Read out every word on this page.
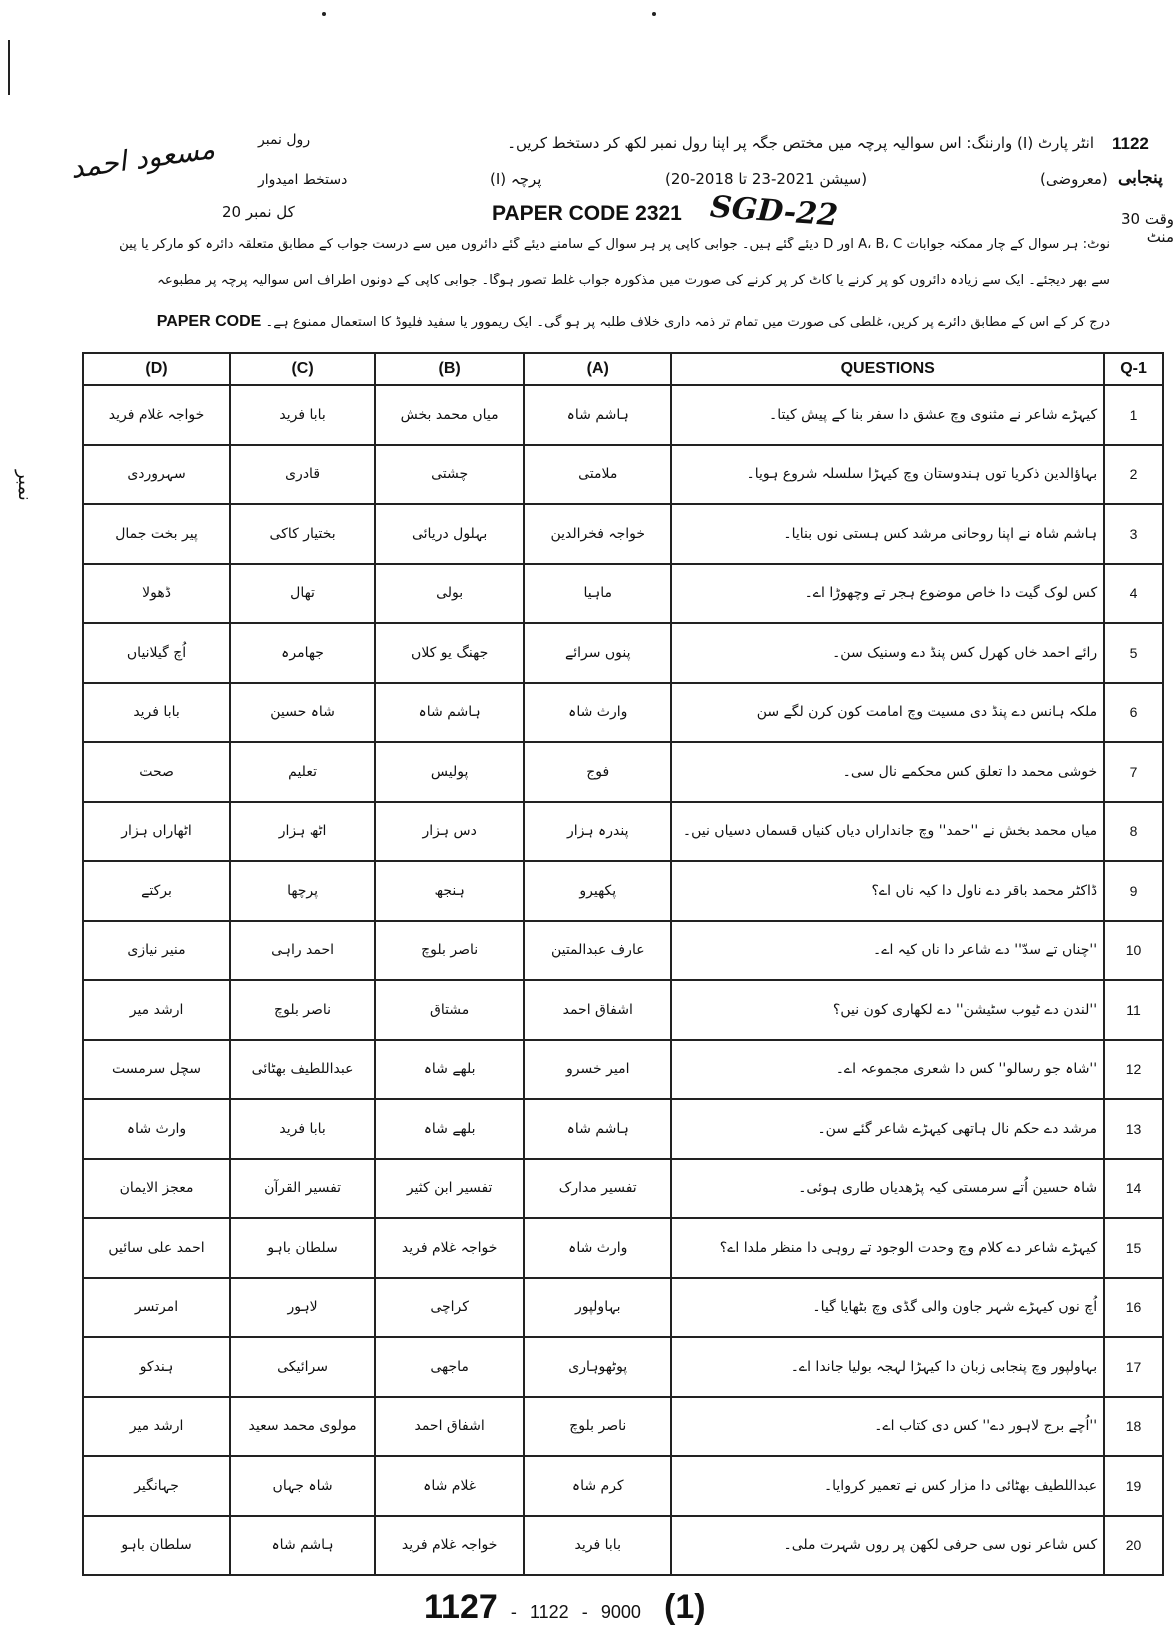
1122
انٹر پارٹ (I) وارننگ: اس سوالیہ پرچہ میں مختص جگہ پر اپنا رول نمبر لکھ کر دستخط کریں۔
رول نمبر
مسعود احمد	پنجابی
(معروضی)
(سیشن 2021-23 تا 2018-20)
پرچہ (I)
دستخط امیدوار
وقت 30 منٹ
PAPER CODE 2321 SGD-22
کل نمبر 20
نوٹ: ہر سوال کے چار ممکنہ جوابات A، B، C اور D دیئے گئے ہیں۔ جوابی کاپی پر ہر سوال کے سامنے دیئے گئے دائروں میں سے درست جواب کے مطابق متعلقہ دائرہ کو مارکر یا پین
سے بھر دیجئے۔ ایک سے زیادہ دائروں کو پر کرنے یا کاٹ کر پر کرنے کی صورت میں مذکورہ جواب غلط تصور ہوگا۔ جوابی کاپی کے دونوں اطراف اس سوالیہ پرچہ پر مطبوعہ
درج کر کے اس کے مطابق دائرے پر کریں، غلطی کی صورت میں تمام تر ذمہ داری خلاف طلبہ پر ہو گی۔ ایک ریموور یا سفید فلیوڈ کا استعمال ممنوع ہے۔ PAPER CODE
(D)	(C)	(B)	(A)	QUESTIONS	Q-1
خواجہ غلام فرید	بابا فرید	میاں محمد بخش	ہاشم شاہ	کیہڑے شاعر نے مثنوی وچ عشق دا سفر بنا کے پیش کیتا۔	1
سہروردی	قادری	چشتی	ملامتی	بہاؤالدین ذکریا توں ہندوستان وچ کیہڑا سلسلہ شروع ہویا۔	2
پیر بخت جمال	بختیار کاکی	بہلول دریائی	خواجہ فخرالدین	ہاشم شاہ نے اپنا روحانی مرشد کس ہستی نوں بنایا۔	3
ڈھولا	تھال	بولی	ماہیا	کس لوک گیت دا خاص موضوع ہجر تے وچھوڑا اے۔	4
اُچ گیلانیاں	جھامرہ	جھنگ یو کلاں	پنوں سرائے	رائے احمد خاں کھرل کس پنڈ دے وسنیک سن۔	5
بابا فرید	شاہ حسین	ہاشم شاہ	وارث شاہ	ملکہ ہانس دے پنڈ دی مسیت وچ امامت کون کرن لگے سن	6
صحت	تعلیم	پولیس	فوج	خوشی محمد دا تعلق کس محکمے نال سی۔	7
اٹھاراں ہزار	اٹھ ہزار	دس ہزار	پندرہ ہزار	میاں محمد بخش نے ''حمد'' وچ جانداراں دیاں کنیاں قسماں دسیاں نیں۔	8
برکتے	پرچھا	ہنجھ	پکھیرو	ڈاکٹر محمد باقر دے ناول دا کیہ ناں اے؟	9
منیر نیازی	احمد راہی	ناصر بلوچ	عارف عبدالمتین	''چناں تے سدّ'' دے شاعر دا ناں کیہ اے۔	10
ارشد میر	ناصر بلوچ	مشتاق	اشفاق احمد	''لندن دے ٹیوب سٹیشن'' دے لکھاری کون نیں؟	11
سچل سرمست	عبداللطیف بھٹائی	بلھے شاہ	امیر خسرو	''شاہ جو رسالو'' کس دا شعری مجموعہ اے۔	12
وارث شاہ	بابا فرید	بلھے شاہ	ہاشم شاہ	مرشد دے حکم نال ہاتھی کیہڑے شاعر گئے سن۔	13
معجز الایمان	تفسیر القرآن	تفسیر ابن کثیر	تفسیر مدارک	شاہ حسین اُتے سرمستی کیہ پڑھدیاں طاری ہوئی۔	14
احمد علی سائیں	سلطان باہو	خواجہ غلام فرید	وارث شاہ	کیہڑے شاعر دے کلام وچ وحدت الوجود تے روہی دا منظر ملدا اے؟	15
امرتسر	لاہور	کراچی	بہاولپور	اُچ نوں کیہڑے شہر جاون والی گڈی وچ بٹھایا گیا۔	16
ہندکو	سرائیکی	ماجھی	پوٹھوہاری	بہاولپور وچ پنجابی زبان دا کیہڑا لہجہ بولیا جاندا اے۔	17
ارشد میر	مولوی محمد سعید	اشفاق احمد	ناصر بلوچ	''اُچے برج لاہور دے'' کس دی کتاب اے۔	18
جہانگیر	شاہ جہاں	غلام شاہ	کرم شاہ	عبداللطیف بھٹائی دا مزار کس نے تعمیر کروایا۔	19
سلطان باہو	ہاشم شاہ	خواجہ غلام فرید	بابا فرید	کس شاعر نوں سی حرفی لکھن پر روں شہرت ملی۔	20
1127 - 1122 - 9000 (1)
نمبر
